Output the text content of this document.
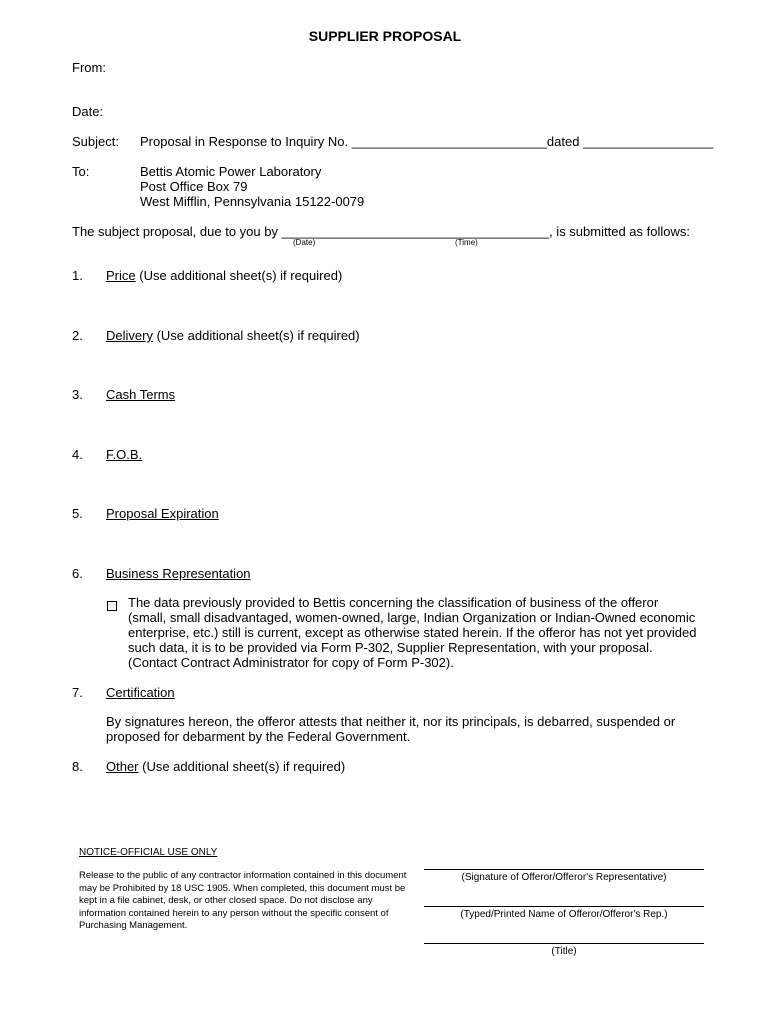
SUPPLIER PROPOSAL
From:
Date:
Subject: Proposal in Response to Inquiry No. ___________________________dated __________________
To:	Bettis Atomic Power Laboratory
Post Office Box 79
West Mifflin, Pennsylvania 15122-0079
The subject proposal, due to you by _____________________________________, is submitted as follows:
(Date)	(Time)
1. Price (Use additional sheet(s) if required)
2. Delivery (Use additional sheet(s) if required)
3. Cash Terms
4. F.O.B.
5. Proposal Expiration
6. Business Representation
The data previously provided to Bettis concerning the classification of business of the offeror (small, small disadvantaged, women-owned, large, Indian Organization or Indian-Owned economic enterprise, etc.) still is current, except as otherwise stated herein. If the offeror has not yet provided such data, it is to be provided via Form P-302, Supplier Representation, with your proposal. (Contact Contract Administrator for copy of Form P-302).
7. Certification
By signatures hereon, the offeror attests that neither it, nor its principals, is debarred, suspended or proposed for debarment by the Federal Government.
8. Other (Use additional sheet(s) if required)
NOTICE-OFFICIAL USE ONLY
Release to the public of any contractor information contained in this document may be Prohibited by 18 USC 1905. When completed, this document must be kept in a file cabinet, desk, or other closed space. Do not disclose any information contained herein to any person without the specific consent of Purchasing Management.
(Signature of Offeror/Offeror's Representative)
(Typed/Printed Name of Offeror/Offeror's Rep.)
(Title)
